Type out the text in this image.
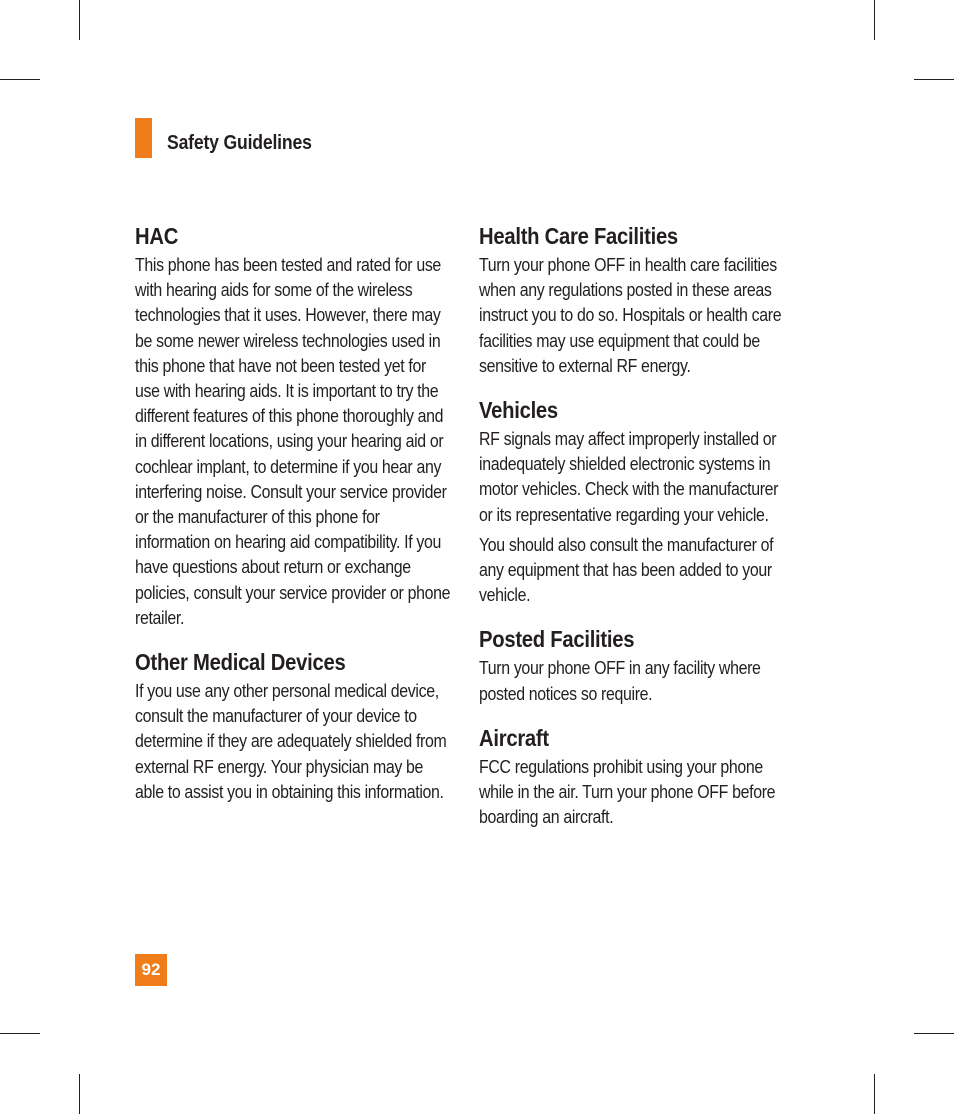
Safety Guidelines
HAC

This phone has been tested and rated for use with hearing aids for some of the wireless technologies that it uses. However, there may be some newer wireless technologies used in this phone that have not been tested yet for use with hearing aids. It is important to try the different features of this phone thoroughly and in different locations, using your hearing aid or cochlear implant, to determine if you hear any interfering noise. Consult your service provider or the manufacturer of this phone for information on hearing aid compatibility. If you have questions about return or exchange policies, consult your service provider or phone retailer.

Other Medical Devices

If you use any other personal medical device, consult the manufacturer of your device to determine if they are adequately shielded from external RF energy. Your physician may be able to assist you in obtaining this information.

Health Care Facilities

Turn your phone OFF in health care facilities when any regulations posted in these areas instruct you to do so. Hospitals or health care facilities may use equipment that could be sensitive to external RF energy.

Vehicles

RF signals may affect improperly installed or inadequately shielded electronic systems in motor vehicles. Check with the manufacturer or its representative regarding your vehicle.

You should also consult the manufacturer of any equipment that has been added to your vehicle.

Posted Facilities

Turn your phone OFF in any facility where posted notices so require.

Aircraft

FCC regulations prohibit using your phone while in the air. Turn your phone OFF before boarding an aircraft.

92
